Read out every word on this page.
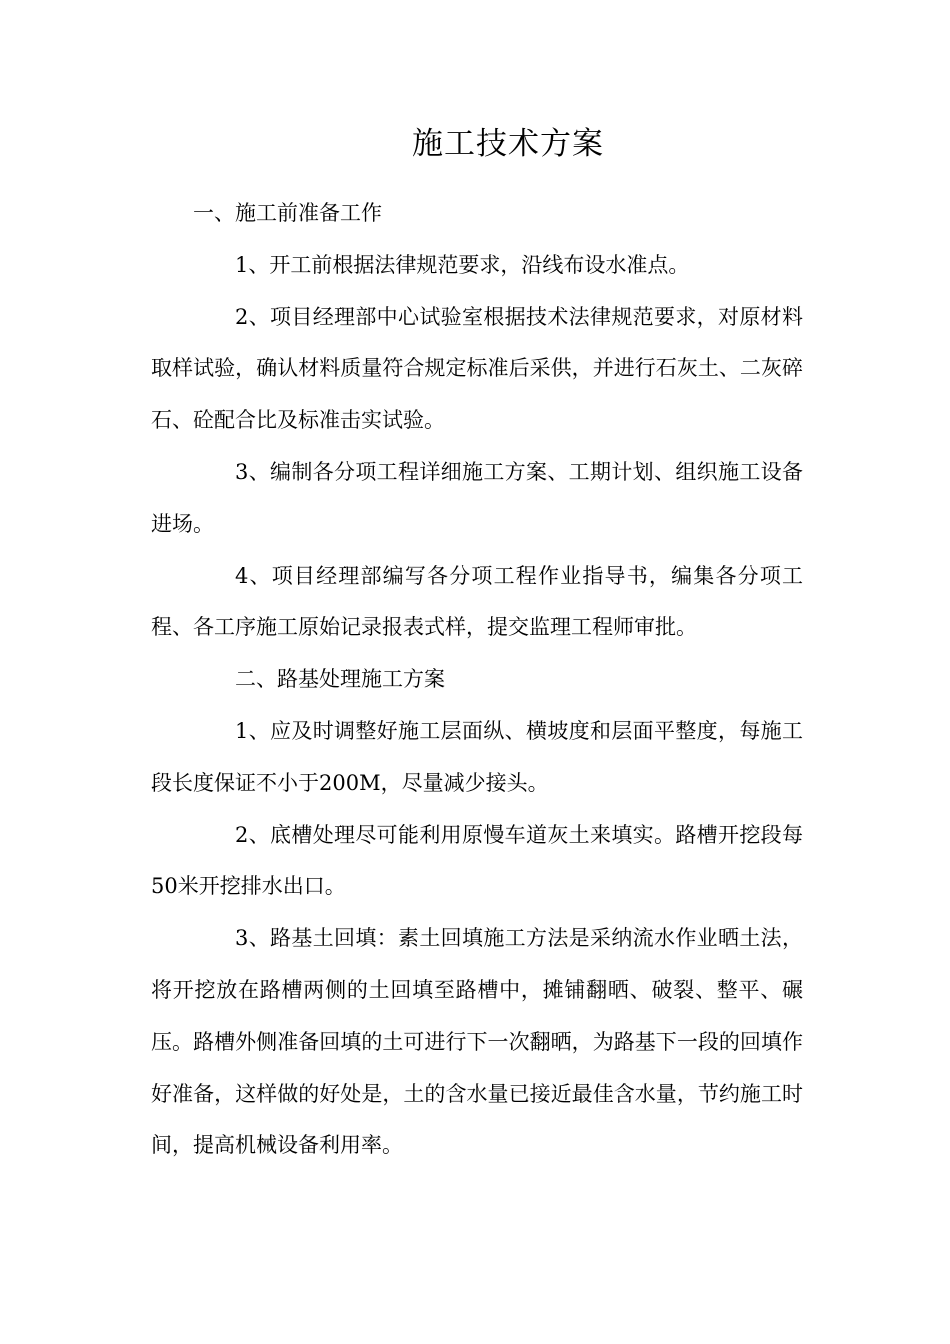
施工技术方案

一、施工前准备工作

1、开工前根据法律规范要求，沿线布设水准点。

2、项目经理部中心试验室根据技术法律规范要求，对原材料取样试验，确认材料质量符合规定标准后采供，并进行石灰土、二灰碎石、砼配合比及标准击实试验。

3、编制各分项工程详细施工方案、工期计划、组织施工设备进场。

4、项目经理部编写各分项工程作业指导书，编集各分项工程、各工序施工原始记录报表式样，提交监理工程师审批。

二、路基处理施工方案

1、应及时调整好施工层面纵、横坡度和层面平整度，每施工段长度保证不小于200M，尽量减少接头。

2、底槽处理尽可能利用原慢车道灰土来填实。路槽开挖段每50米开挖排水出口。

3、路基土回填：素土回填施工方法是采纳流水作业晒土法，将开挖放在路槽两侧的土回填至路槽中，摊铺翻晒、破裂、整平、碾压。路槽外侧准备回填的土可进行下一次翻晒，为路基下一段的回填作好准备，这样做的好处是，土的含水量已接近最佳含水量，节约施工时间，提高机械设备利用率。
